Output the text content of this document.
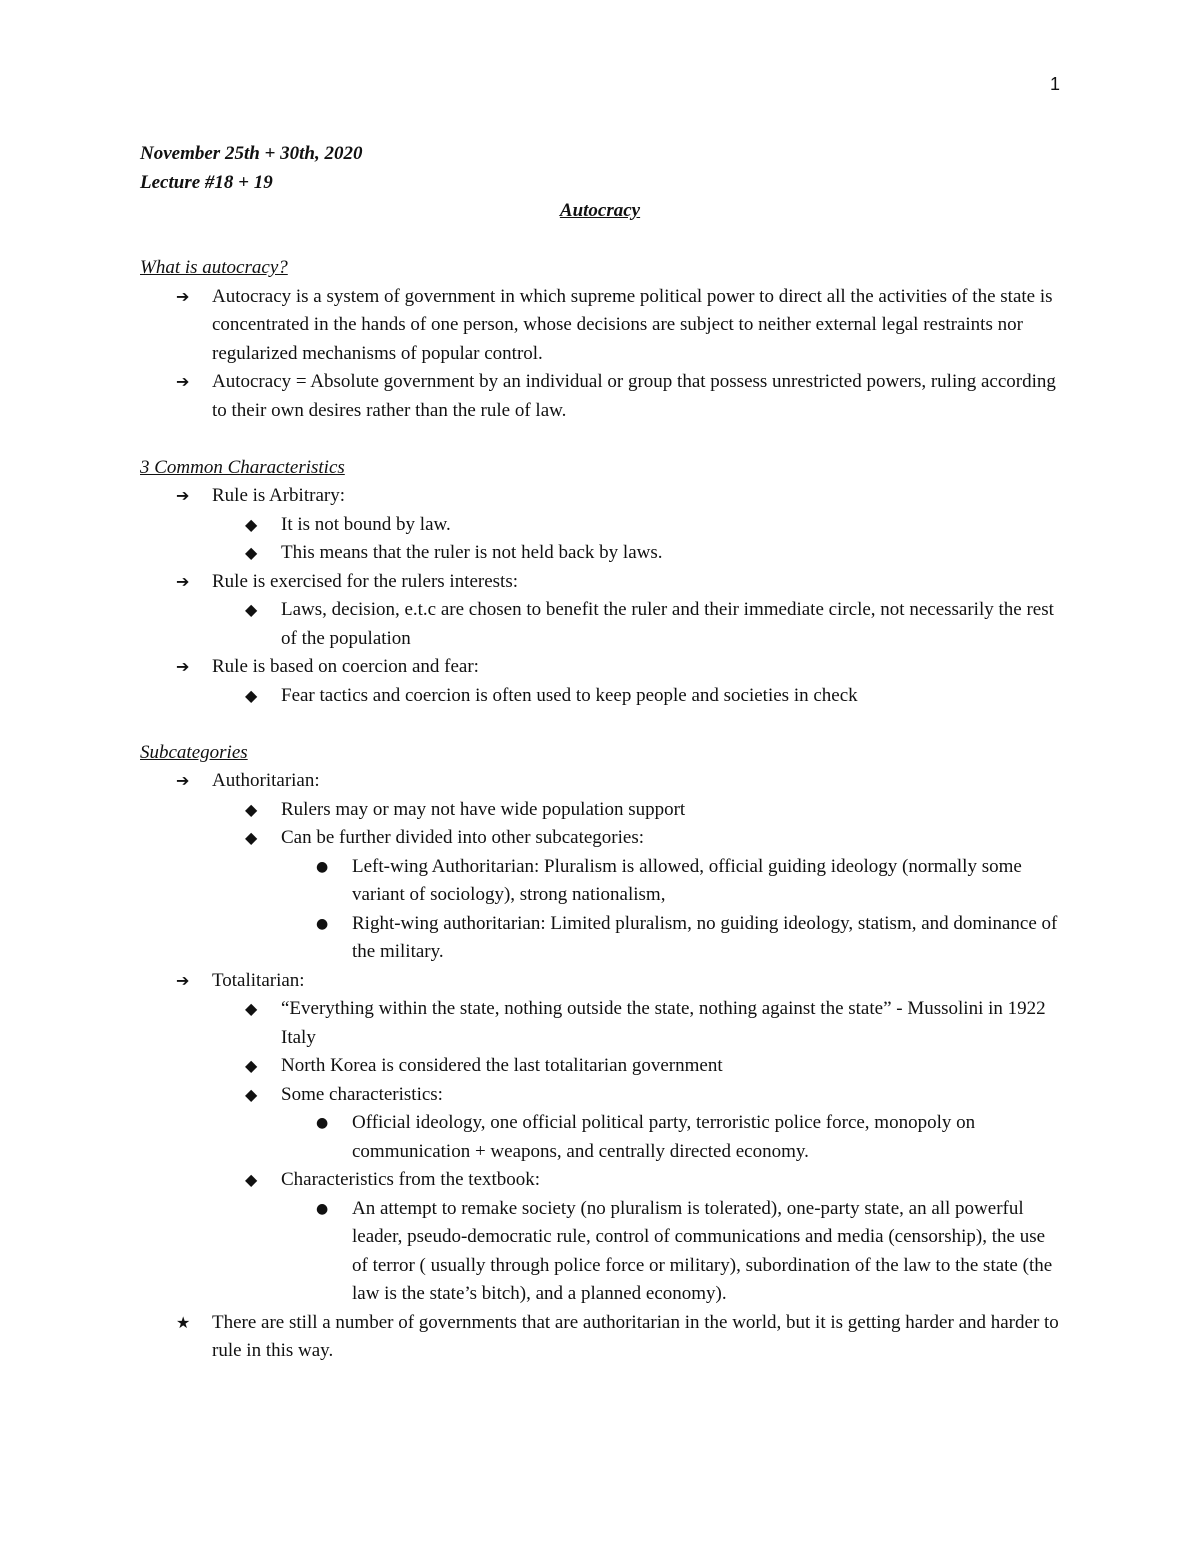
1
November 25th + 30th, 2020
Lecture #18 + 19
Autocracy
What is autocracy?
➔	Autocracy is a system of government in which supreme political power to direct all the activities of the state is concentrated in the hands of one person, whose decisions are subject to neither external legal restraints nor regularized mechanisms of popular control.
➔	Autocracy = Absolute government by an individual or group that possess unrestricted powers, ruling according to their own desires rather than the rule of law.
3 Common Characteristics
➔	Rule is Arbitrary:
◆	It is not bound by law.
◆	This means that the ruler is not held back by laws.
➔	Rule is exercised for the rulers interests:
◆	Laws, decision, e.t.c are chosen to benefit the ruler and their immediate circle, not necessarily the rest of the population
➔	Rule is based on coercion and fear:
◆	Fear tactics and coercion is often used to keep people and societies in check
Subcategories
➔	Authoritarian:
◆	Rulers may or may not have wide population support
◆	Can be further divided into other subcategories:
●	Left-wing Authoritarian: Pluralism is allowed, official guiding ideology (normally some variant of sociology), strong nationalism,
●	Right-wing authoritarian: Limited pluralism, no guiding ideology, statism, and dominance of the military.
➔	Totalitarian:
◆	“Everything within the state, nothing outside the state, nothing against the state” - Mussolini in 1922 Italy
◆	North Korea is considered the last totalitarian government
◆	Some characteristics:
●	Official ideology, one official political party, terroristic police force, monopoly on communication + weapons, and centrally directed economy.
◆	Characteristics from the textbook:
●	An attempt to remake society (no pluralism is tolerated), one-party state, an all powerful leader, pseudo-democratic rule, control of communications and media (censorship), the use of terror ( usually through police force or military), subordination of the law to the state (the law is the state’s bitch), and a planned economy).
★	There are still a number of governments that are authoritarian in the world, but it is getting harder and harder to rule in this way.
